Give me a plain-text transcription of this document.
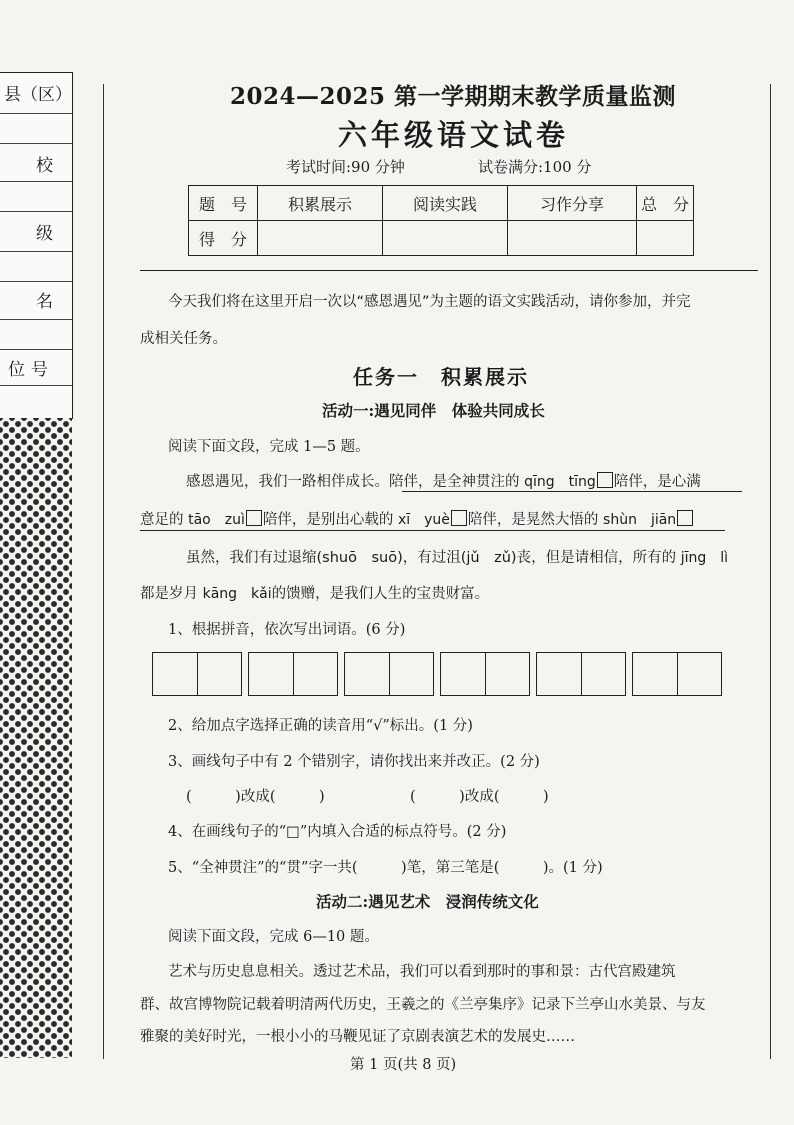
县（区）
校
级
名
位号
2024—2025 第一学期期末教学质量监测
六年级语文试卷
考试时间:90 分钟	试卷满分:100 分
题　号	积累展示	阅读实践	习作分享	总　分
得　分				
今天我们将在这里开启一次以“感恩遇见”为主题的语文实践活动，请你参加，并完
成相关任务。
任务一　积累展示
活动一:遇见同伴　体验共同成长
阅读下面文段，完成 1—5 题。
感恩遇见，我们一路相伴成长。陪伴，是全神贯注的 qīng　tīng 陪伴，是心满
意足的 tāo　zuì 陪伴，是别出心载的 xī　yuè 陪伴，是晃然大悟的 shùn　jiān
虽然，我们有过退缩(shuō　suō)，有过沮(jǔ　zǔ)丧，但是请相信，所有的 jīng　lì
都是岁月 kāng　kǎi的馈赠，是我们人生的宝贵财富。
1、根据拼音，依次写出词语。(6 分)
2、给加点字选择正确的读音用“√”标出。(1 分)
3、画线句子中有 2 个错别字，请你找出来并改正。(2 分)
(　　　)改成(　　　)	(　　　)改成(　　　)
4、在画线句子的“□”内填入合适的标点符号。(2 分)
5、“全神贯注”的“贯”字一共(　　　)笔，第三笔是(　　　)。(1 分)
活动二:遇见艺术　浸润传统文化
阅读下面文段，完成 6—10 题。
艺术与历史息息相关。透过艺术品，我们可以看到那时的事和景：古代宫殿建筑
群、故宫博物院记载着明清两代历史，王羲之的《兰亭集序》记录下兰亭山水美景、与友
雅聚的美好时光，一根小小的马鞭见证了京剧表演艺术的发展史……
第 1 页(共 8 页)
